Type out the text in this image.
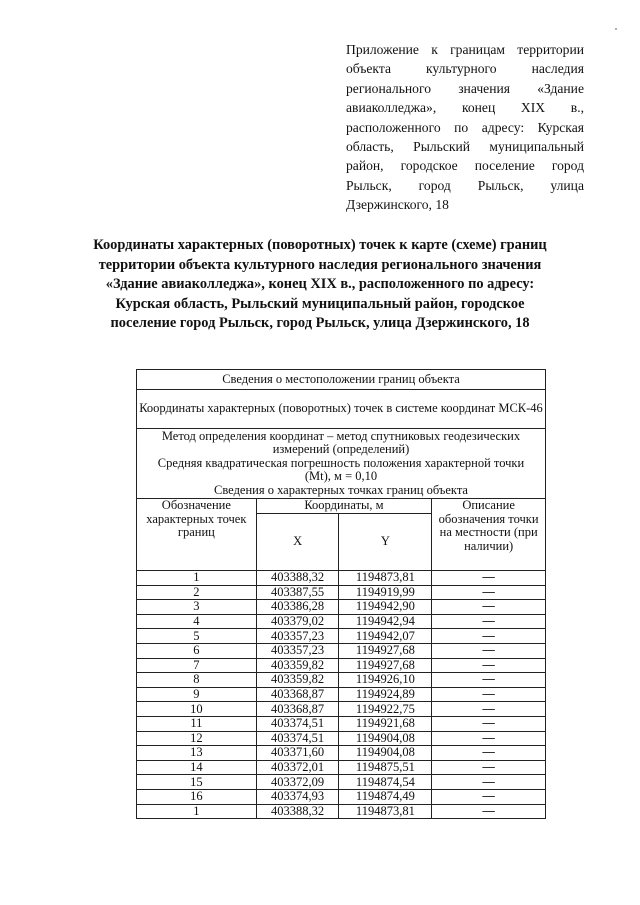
Приложение к границам территории
объекта культурного наследия
регионального значения «Здание
авиаколледжа», конец XIX в.,
расположенного по адресу: Курская
область, Рыльский муниципальный
район, городское поселение город
Рыльск, город Рыльск, улица
Дзержинского, 18
Координаты характерных (поворотных) точек к карте (схеме) границ
территории объекта культурного наследия регионального значения
«Здание авиаколледжа», конец XIX в., расположенного по адресу:
Курская область, Рыльский муниципальный район, городское
поселение город Рыльск, город Рыльск, улица Дзержинского, 18
Сведения о местоположении границ объекта			
Координаты характерных (поворотных) точек в системе координат МСК-46			

Метод определения координат – метод спутниковых геодезических
измерений (определений)
Средняя квадратическая погрешность положения характерной точки
(Mt), м = 0,10
Сведения о характерных точках границ объекта			

Обозначение характерных точек границ	Координаты, м		Описание обозначения точки на местности (при наличии)
	X	Y	
1	403388,32	1194873,81	—
2	403387,55	1194919,99	—
3	403386,28	1194942,90	—
4	403379,02	1194942,94	—
5	403357,23	1194942,07	—
6	403357,23	1194927,68	—
7	403359,82	1194927,68	—
8	403359,82	1194926,10	—
9	403368,87	1194924,89	—
10	403368,87	1194922,75	—
11	403374,51	1194921,68	—
12	403374,51	1194904,08	—
13	403371,60	1194904,08	—
14	403372,01	1194875,51	—
15	403372,09	1194874,54	—
16	403374,93	1194874,49	—
1	403388,32	1194873,81	—
